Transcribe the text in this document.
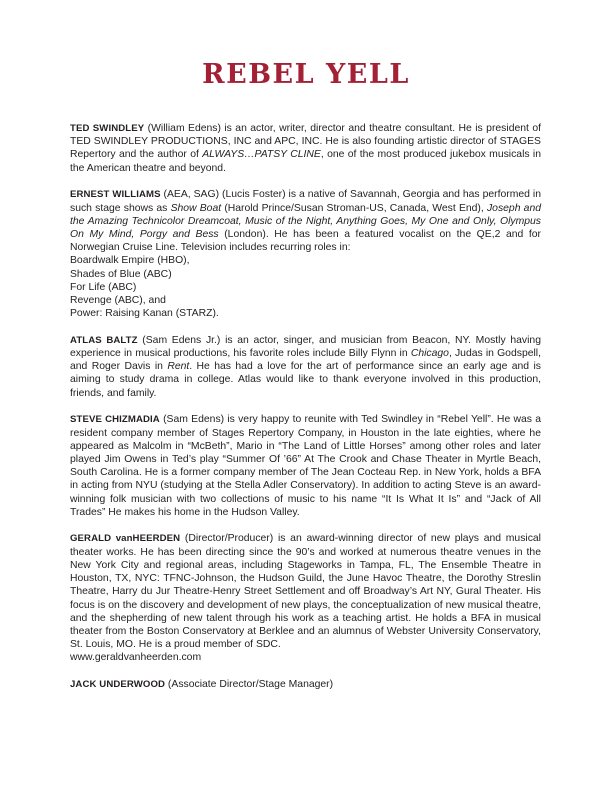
REBEL YELL

TED SWINDLEY (William Edens) is an actor, writer, director and theatre consultant. He is president of TED SWINDLEY PRODUCTIONS, INC and APC, INC. He is also founding artistic director of STAGES Repertory and the author of ALWAYS…PATSY CLINE, one of the most produced jukebox musicals in the American theatre and beyond.

ERNEST WILLIAMS (AEA, SAG) (Lucis Foster) is a native of Savannah, Georgia and has performed in such stage shows as Show Boat (Harold Prince/Susan Stroman-US, Canada, West End), Joseph and the Amazing Technicolor Dreamcoat, Music of the Night, Anything Goes, My One and Only, Olympus On My Mind, Porgy and Bess (London). He has been a featured vocalist on the QE,2 and for Norwegian Cruise Line. Television includes recurring roles in:
Boardwalk Empire (HBO),
Shades of Blue (ABC)
For Life (ABC)
Revenge (ABC), and
Power: Raising Kanan (STARZ).

ATLAS BALTZ (Sam Edens Jr.) is an actor, singer, and musician from Beacon, NY. Mostly having experience in musical productions, his favorite roles include Billy Flynn in Chicago, Judas in Godspell, and Roger Davis in Rent. He has had a love for the art of performance since an early age and is aiming to study drama in college. Atlas would like to thank everyone involved in this production, friends, and family.

STEVE CHIZMADIA (Sam Edens) is very happy to reunite with Ted Swindley in “Rebel Yell”. He was a resident company member of Stages Repertory Company, in Houston in the late eighties, where he appeared as Malcolm in “McBeth”, Mario in “The Land of Little Horses” among other roles and later played Jim Owens in Ted’s play “Summer Of ’66” At The Crook and Chase Theater in Myrtle Beach, South Carolina. He is a former company member of The Jean Cocteau Rep. in New York, holds a BFA in acting from NYU (studying at the Stella Adler Conservatory). In addition to acting Steve is an award-winning folk musician with two collections of music to his name “It Is What It Is” and “Jack of All Trades” He makes his home in the Hudson Valley.

GERALD vanHEERDEN (Director/Producer) is an award-winning director of new plays and musical theater works. He has been directing since the 90’s and worked at numerous theatre venues in the New York City and regional areas, including Stageworks in Tampa, FL, The Ensemble Theatre in Houston, TX, NYC: TFNC-Johnson, the Hudson Guild, the June Havoc Theatre, the Dorothy Streslin Theatre, Harry du Jur Theatre-Henry Street Settlement and off Broadway’s Art NY, Gural Theater. His focus is on the discovery and development of new plays, the conceptualization of new musical theatre, and the shepherding of new talent through his work as a teaching artist. He holds a BFA in musical theater from the Boston Conservatory at Berklee and an alumnus of Webster University Conservatory, St. Louis, MO. He is a proud member of SDC.
www.geraldvanheerden.com

JACK UNDERWOOD (Associate Director/Stage Manager)
